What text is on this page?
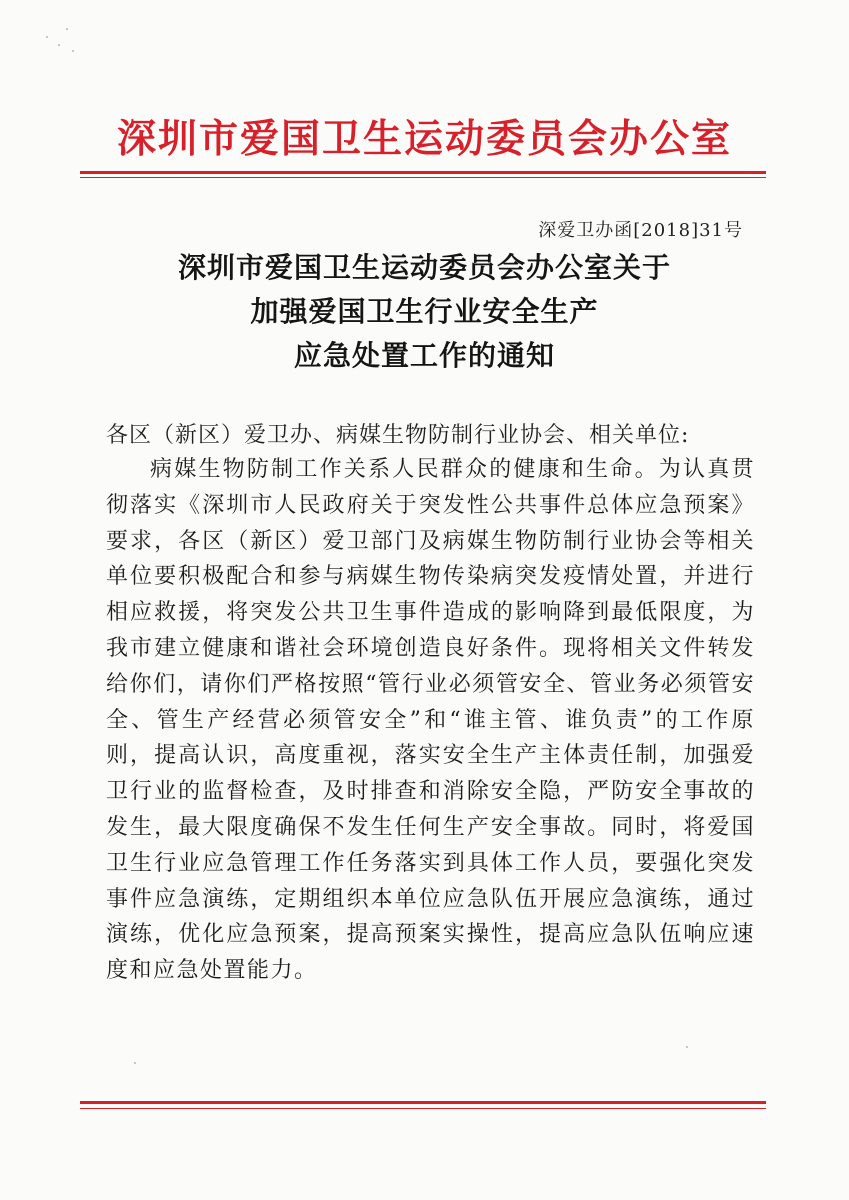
深圳市爱国卫生运动委员会办公室
深爱卫办函[2018]31号
深圳市爱国卫生运动委员会办公室关于
加强爱国卫生行业安全生产
应急处置工作的通知
各区（新区）爱卫办、病媒生物防制行业协会、相关单位:
病媒生物防制工作关系人民群众的健康和生命。为认真贯彻落实《深圳市人民政府关于突发性公共事件总体应急预案》要求，各区（新区）爱卫部门及病媒生物防制行业协会等相关单位要积极配合和参与病媒生物传染病突发疫情处置，并进行相应救援，将突发公共卫生事件造成的影响降到最低限度，为我市建立健康和谐社会环境创造良好条件。现将相关文件转发给你们，请你们严格按照“管行业必须管安全、管业务必须管安全、管生产经营必须管安全”和“谁主管、谁负责”的工作原则，提高认识，高度重视，落实安全生产主体责任制，加强爱卫行业的监督检查，及时排查和消除安全隐，严防安全事故的发生，最大限度确保不发生任何生产安全事故。同时，将爱国卫生行业应急管理工作任务落实到具体工作人员，要强化突发事件应急演练，定期组织本单位应急队伍开展应急演练，通过演练，优化应急预案，提高预案实操性，提高应急队伍响应速度和应急处置能力。
